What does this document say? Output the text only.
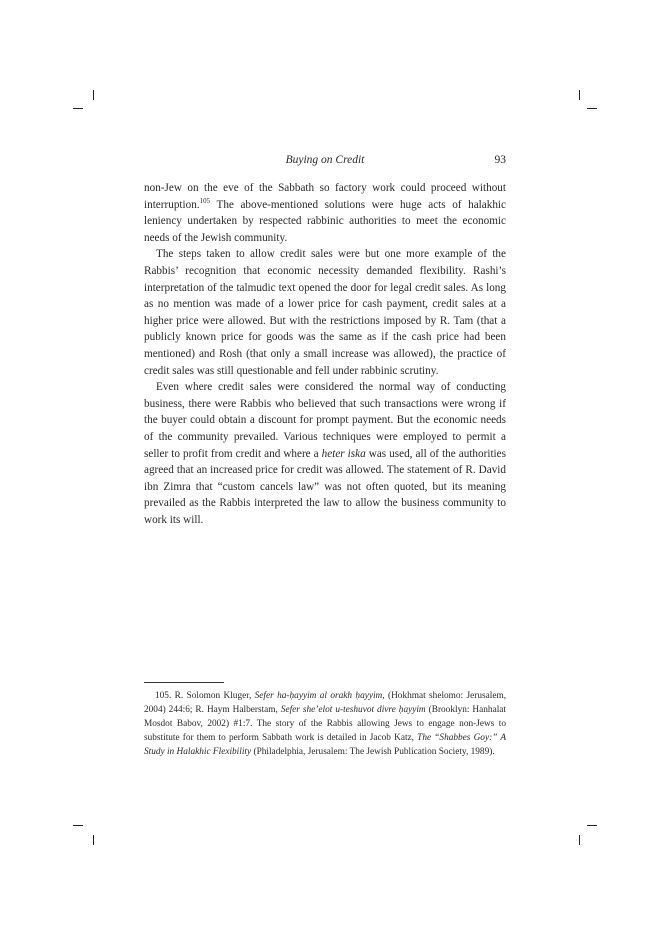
Buying on Credit	93

non-Jew on the eve of the Sabbath so factory work could proceed without interruption.$^{105}$ The above-mentioned solutions were huge acts of halakhic leniency undertaken by respected rabbinic authorities to meet the economic needs of the Jewish community.

The steps taken to allow credit sales were but one more example of the Rabbis’ recognition that economic necessity demanded flexibility. Rashi’s interpretation of the talmudic text opened the door for legal credit sales. As long as no mention was made of a lower price for cash payment, credit sales at a higher price were allowed. But with the restrictions imposed by R. Tam (that a publicly known price for goods was the same as if the cash price had been mentioned) and Rosh (that only a small increase was allowed), the practice of credit sales was still questionable and fell under rabbinic scrutiny.

Even where credit sales were considered the normal way of conducting business, there were Rabbis who believed that such transactions were wrong if the buyer could obtain a discount for prompt payment. But the economic needs of the community prevailed. Various techniques were employed to permit a seller to profit from credit and where a heter iska was used, all of the authorities agreed that an increased price for credit was allowed. The statement of R. David ibn Zimra that “custom cancels law” was not often quoted, but its meaning prevailed as the Rabbis interpreted the law to allow the business community to work its will.

105. R. Solomon Kluger, Sefer ha-ḥayyim al orakh ḥayyim, (Hokhmat shelomo: Jerusalem, 2004) 244:6; R. Haym Halberstam, Sefer she’elot u-teshuvot divre ḥayyim (Brooklyn: Hanhalat Mosdot Babov, 2002) #1:7. The story of the Rabbis allowing Jews to engage non-Jews to substitute for them to perform Sabbath work is detailed in Jacob Katz, The “Shabbes Goy:” A Study in Halakhic Flexibility (Philadelphia, Jerusalem: The Jewish Publication Society, 1989).
